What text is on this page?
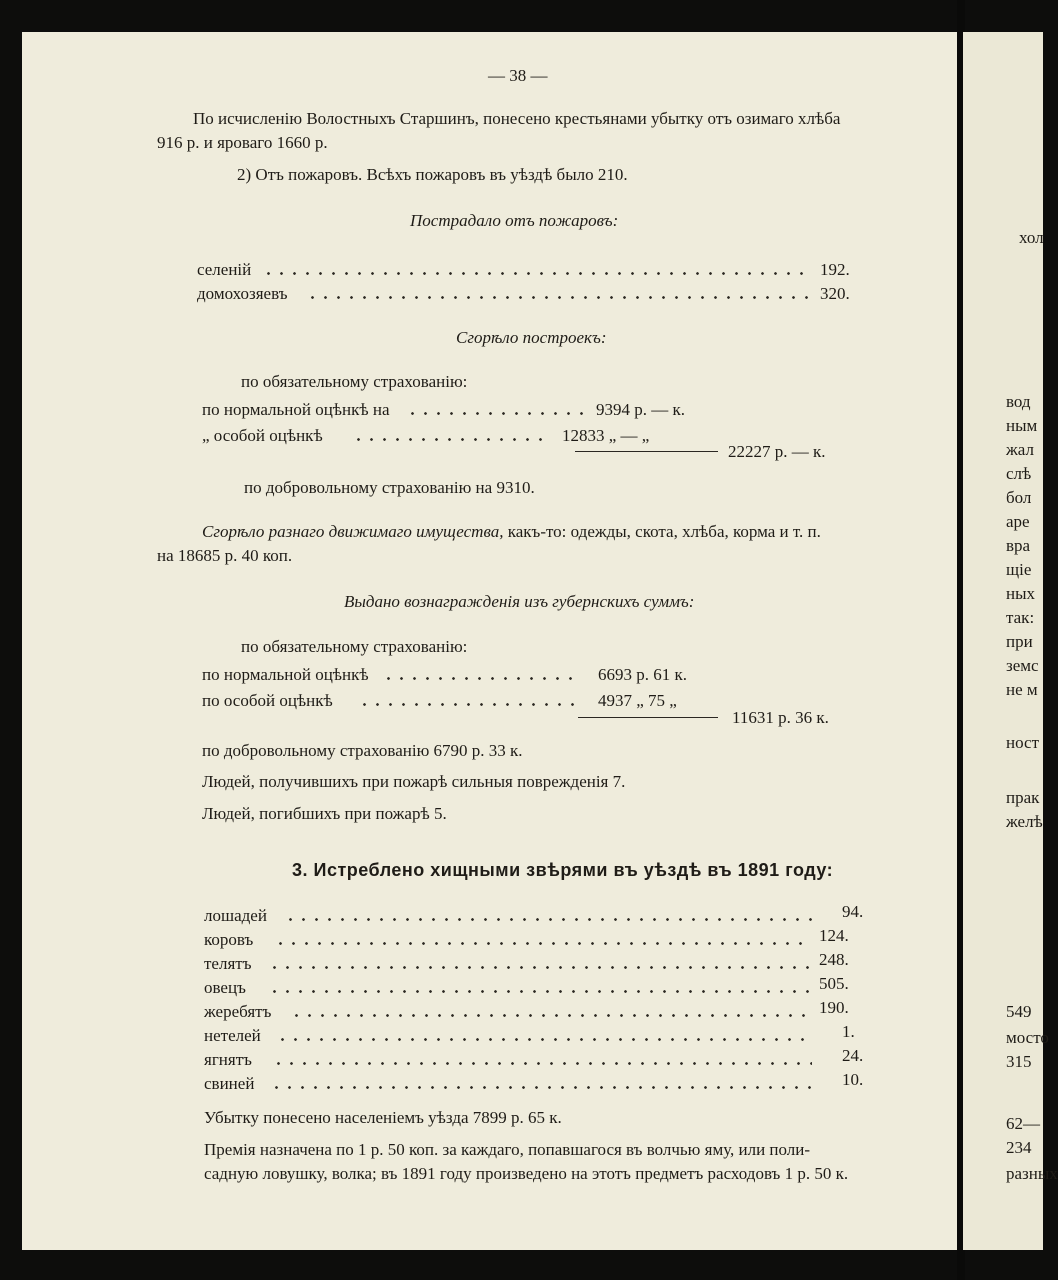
— 38 —
По исчисленію Волостныхъ Старшинъ, понесено крестьянами убытку отъ озимаго хлѣба
916 р. и яроваго 1660 р.
2) Отъ пожаровъ. Всѣхъ пожаровъ въ уѣздѣ было 210.
Пострадало отъ пожаровъ:
селеній	192.
домохозяевъ	320.
Сгорѣло построекъ:
по обязательному страхованію:
по нормальной оцѣнкѣ на	9394 р. — к.
„ особой оцѣнкѣ	12833 „ — „
22227 р. — к.
по добровольному страхованію на 9310.
Сгорѣло разнаго движимаго имущества, какъ-то: одежды, скота, хлѣба, корма и т. п.
на 18685 р. 40 коп.
Выдано вознагражденія изъ губернскихъ суммъ:
по обязательному страхованію:
по нормальной оцѣнкѣ	6693 р. 61 к.
по особой оцѣнкѣ	4937 „ 75 „
11631 р. 36 к.
по добровольному страхованію 6790 р. 33 к.
Людей, получившихъ при пожарѣ сильныя поврежденія 7.
Людей, погибшихъ при пожарѣ 5.
3. Истреблено хищными звѣрями въ уѣздѣ въ 1891 году:
лошадей	94.
коровъ	124.
телятъ	248.
овецъ	505.
жеребятъ	190.
нетелей	1.
ягнятъ	24.
свиней	10.
Убытку понесено населеніемъ уѣзда 7899 р. 65 к.
Премія назначена по 1 р. 50 коп. за каждаго, попавшагося въ волчью яму, или поли-
садную ловушку, волка; въ 1891 году произведено на этотъ предметъ расходовъ 1 р. 50 к.
хол
вод
ным
жал
слѣ
бол
аре
вра
щіе
ных
так:
при
земс
не м
ност
прак
желѣ
549
мосто
315
62—
234
разных
